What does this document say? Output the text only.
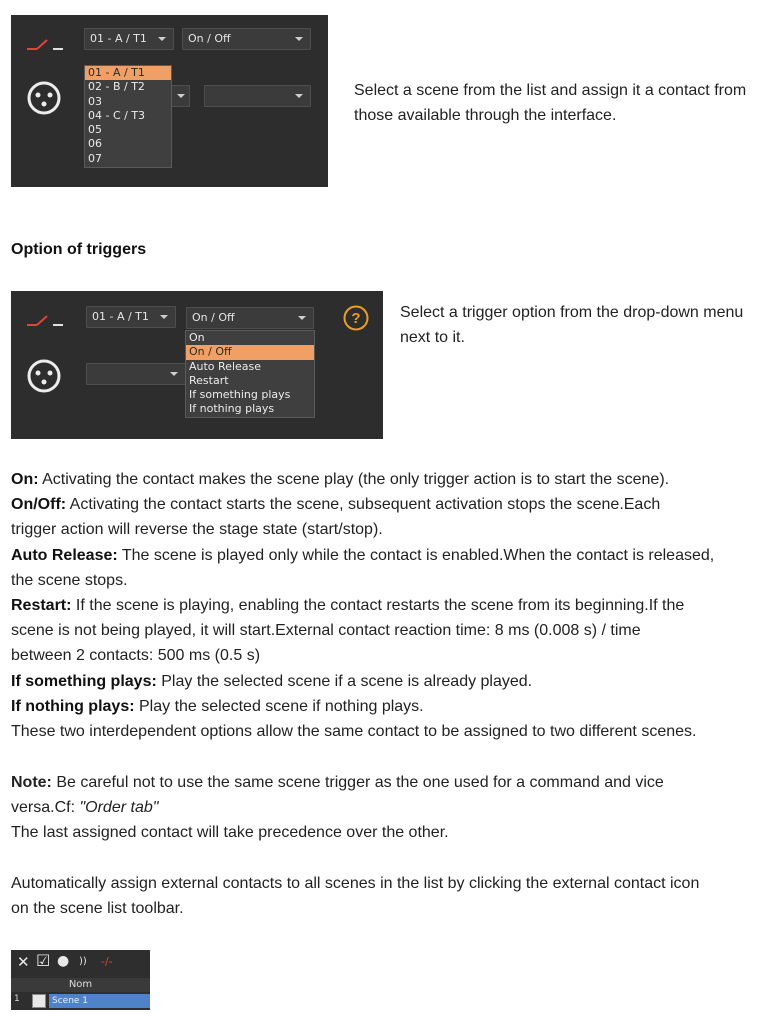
01 - A / T1	On / Off
01 - A / T1
02 - B / T2
03
04 - C / T3
05
06
07
Select a scene from the list and assign it a contact from those available through the interface.
Option of triggers
01 - A / T1	On / Off
On
On / Off
Auto Release
Restart
If something plays
If nothing plays
? Select a trigger option from the drop-down menu next to it.
On: Activating the contact makes the scene play (the only trigger action is to start the scene).
On/Off: Activating the contact starts the scene, subsequent activation stops the scene.Each
trigger action will reverse the stage state (start/stop).
Auto Release: The scene is played only while the contact is enabled.When the contact is released,
the scene stops.
Restart: If the scene is playing, enabling the contact restarts the scene from its beginning.If the
scene is not being played, it will start.External contact reaction time: 8 ms (0.008 s) / time
between 2 contacts: 500 ms (0.5 s)
If something plays: Play the selected scene if a scene is already played.
If nothing plays: Play the selected scene if nothing plays.
These two interdependent options allow the same contact to be assigned to two different scenes.
Note: Be careful not to use the same scene trigger as the one used for a command and vice
versa.Cf: "Order tab"
The last assigned contact will take precedence over the other.
Automatically assign external contacts to all scenes in the list by clicking the external contact icon
on the scene list toolbar.
✕ ☑ ● )) -/-
Nom
1	Scene 1
